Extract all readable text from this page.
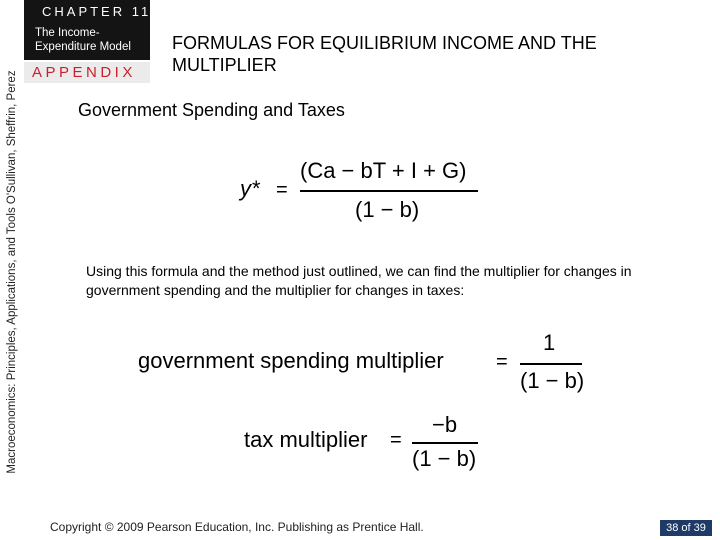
Macroeconomics: Principles, Applications, and Tools O'Sullivan, Sheffrin, Perez
CHAPTER 11
The Income-Expenditure Model
APPENDIX
FORMULAS FOR EQUILIBRIUM INCOME AND THE MULTIPLIER
Government Spending and Taxes
y* =
(Ca − bT + I + G)
(1 − b)
Using this formula and the method just outlined, we can find the multiplier for changes in government spending and the multiplier for changes in taxes:
government spending multiplier	=
1
(1 − b)
tax multiplier =
−b
(1 − b)
Copyright © 2009 Pearson Education, Inc. Publishing as Prentice Hall.	38 of 39
